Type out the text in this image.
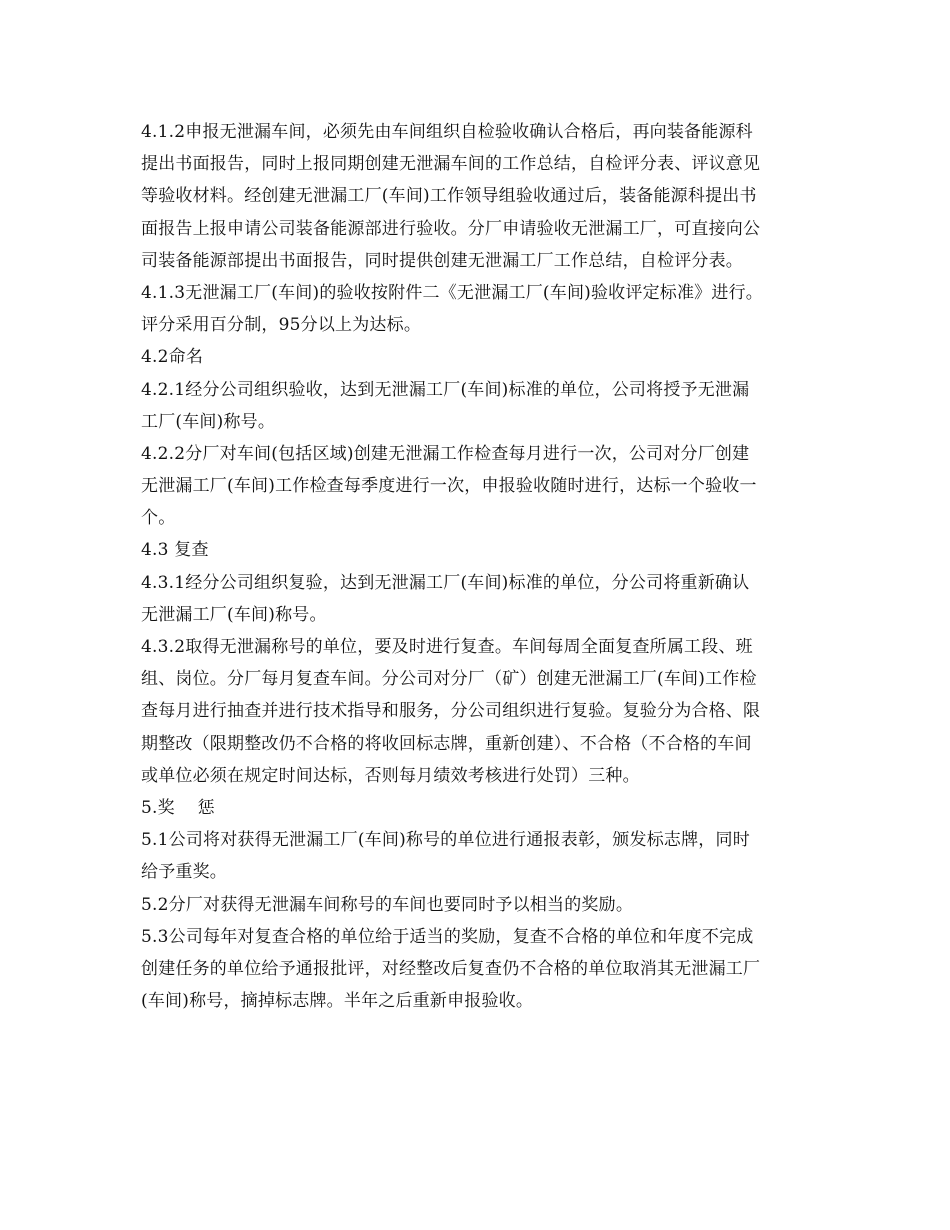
4.1.2申报无泄漏车间，必须先由车间组织自检验收确认合格后，再向装备能源科
提出书面报告，同时上报同期创建无泄漏车间的工作总结，自检评分表、评议意见
等验收材料。经创建无泄漏工厂(车间)工作领导组验收通过后，装备能源科提出书
面报告上报申请公司装备能源部进行验收。分厂申请验收无泄漏工厂，可直接向公
司装备能源部提出书面报告，同时提供创建无泄漏工厂工作总结，自检评分表。
4.1.3无泄漏工厂(车间)的验收按附件二《无泄漏工厂(车间)验收评定标准》进行。
评分采用百分制，95分以上为达标。
4.2命名
4.2.1经分公司组织验收，达到无泄漏工厂(车间)标准的单位，公司将授予无泄漏
工厂(车间)称号。
4.2.2分厂对车间(包括区域)创建无泄漏工作检查每月进行一次，公司对分厂创建
无泄漏工厂(车间)工作检查每季度进行一次，申报验收随时进行，达标一个验收一
个。
4.3 复查
4.3.1经分公司组织复验，达到无泄漏工厂(车间)标准的单位，分公司将重新确认
无泄漏工厂(车间)称号。
4.3.2取得无泄漏称号的单位，要及时进行复查。车间每周全面复查所属工段、班
组、岗位。分厂每月复查车间。分公司对分厂（矿）创建无泄漏工厂(车间)工作检
查每月进行抽查并进行技术指导和服务，分公司组织进行复验。复验分为合格、限
期整改（限期整改仍不合格的将收回标志牌，重新创建）、不合格（不合格的车间
或单位必须在规定时间达标，否则每月绩效考核进行处罚）三种。
5.奖　 惩
5.1公司将对获得无泄漏工厂(车间)称号的单位进行通报表彰，颁发标志牌，同时
给予重奖。
5.2分厂对获得无泄漏车间称号的车间也要同时予以相当的奖励。
5.3公司每年对复查合格的单位给于适当的奖励，复查不合格的单位和年度不完成
创建任务的单位给予通报批评，对经整改后复查仍不合格的单位取消其无泄漏工厂
(车间)称号，摘掉标志牌。半年之后重新申报验收。
